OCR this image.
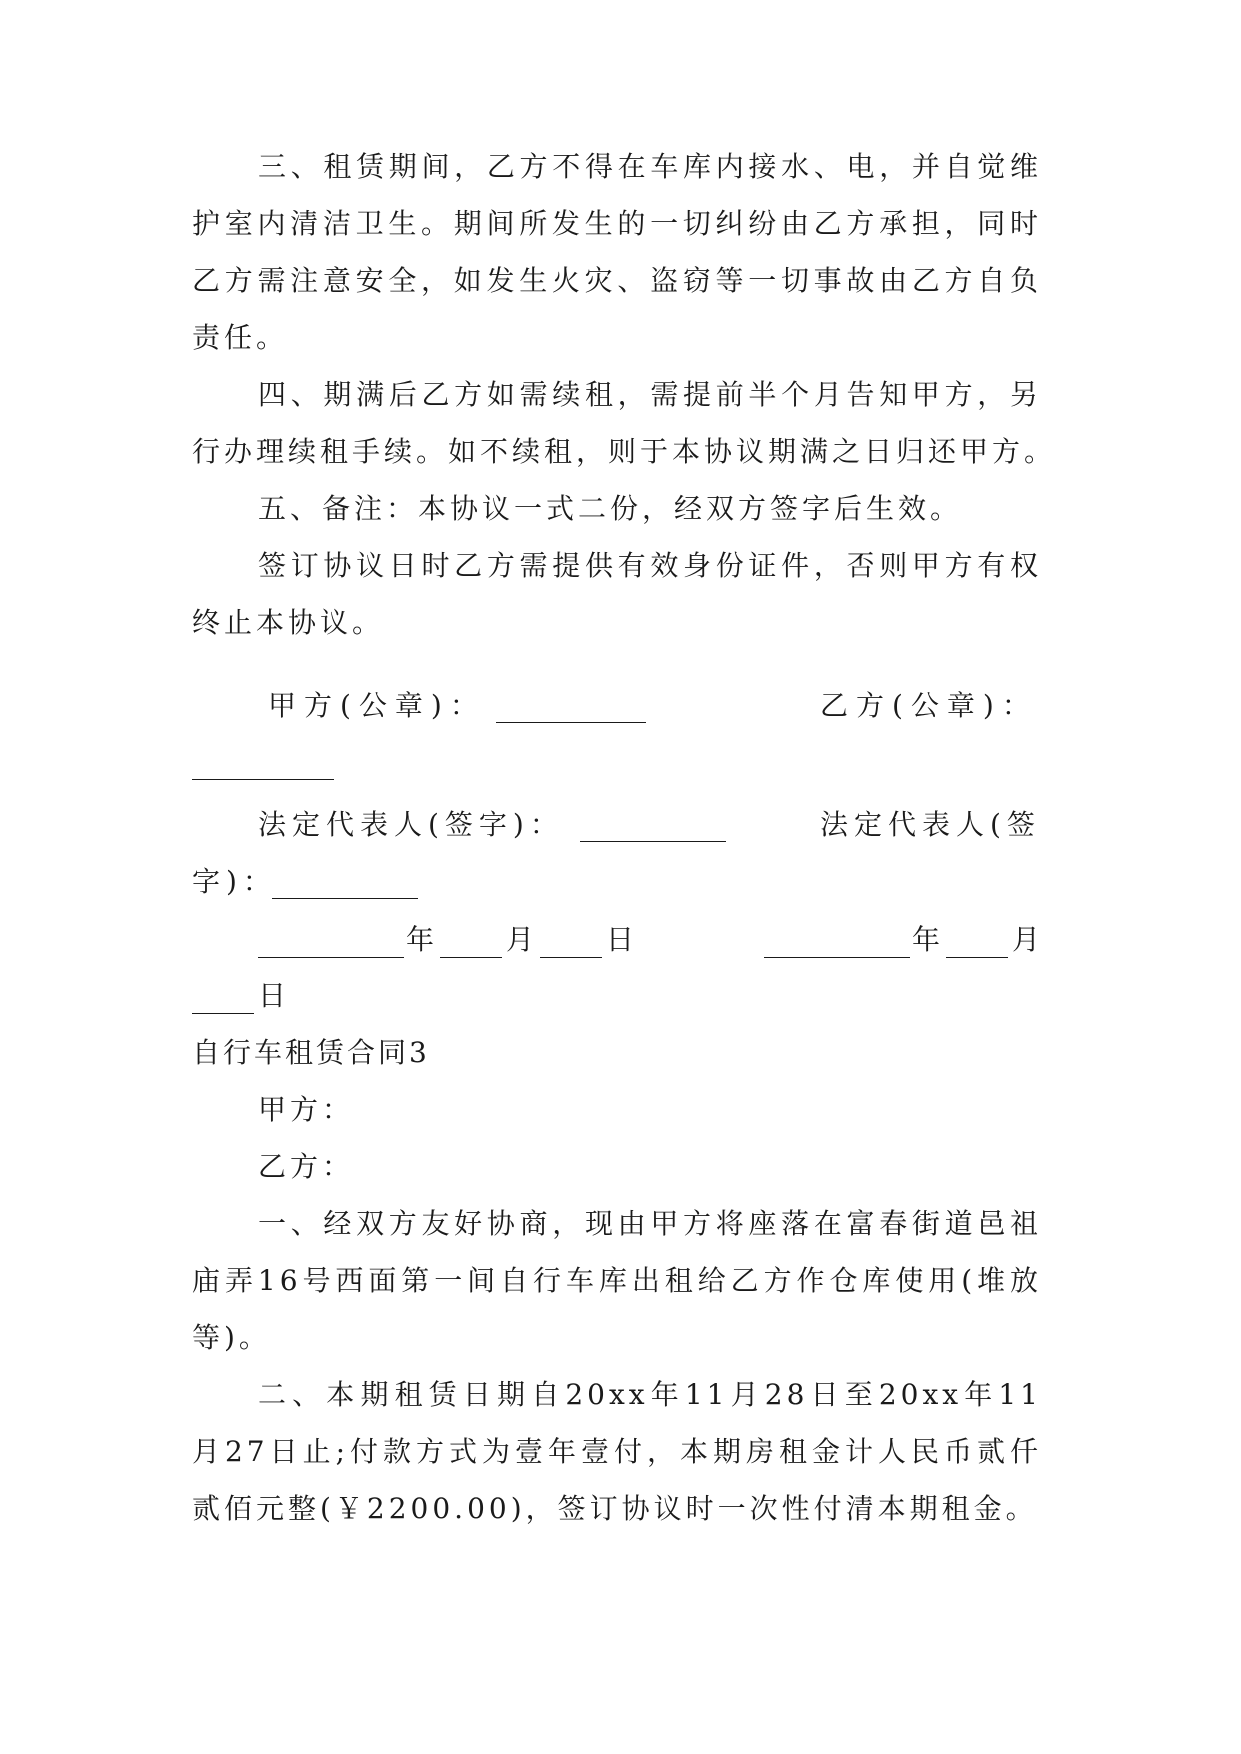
三、租赁期间，乙方不得在车库内接水、电，并自觉维
护室内清洁卫生。期间所发生的一切纠纷由乙方承担，同时
乙方需注意安全，如发生火灾、盗窃等一切事故由乙方自负
责任。
四、期满后乙方如需续租，需提前半个月告知甲方，另
行办理续租手续。如不续租，则于本协议期满之日归还甲方。
五、备注：本协议一式二份，经双方签字后生效。
签订协议日时乙方需提供有效身份证件，否则甲方有权
终止本协议。
甲方(公章)：	乙方(公章)：
法定代表人(签字)：	法定代表人(签
字)：
年 月 日	年 月
日
自行车租赁合同3
甲方：
乙方：
一、经双方友好协商，现由甲方将座落在富春街道邑祖
庙弄16号西面第一间自行车库出租给乙方作仓库使用(堆放
等)。
二、本期租赁日期自20xx年11月28日至20xx年11
月27日止;付款方式为壹年壹付，本期房租金计人民币贰仟
贰佰元整(￥2200.00)，签订协议时一次性付清本期租金。
